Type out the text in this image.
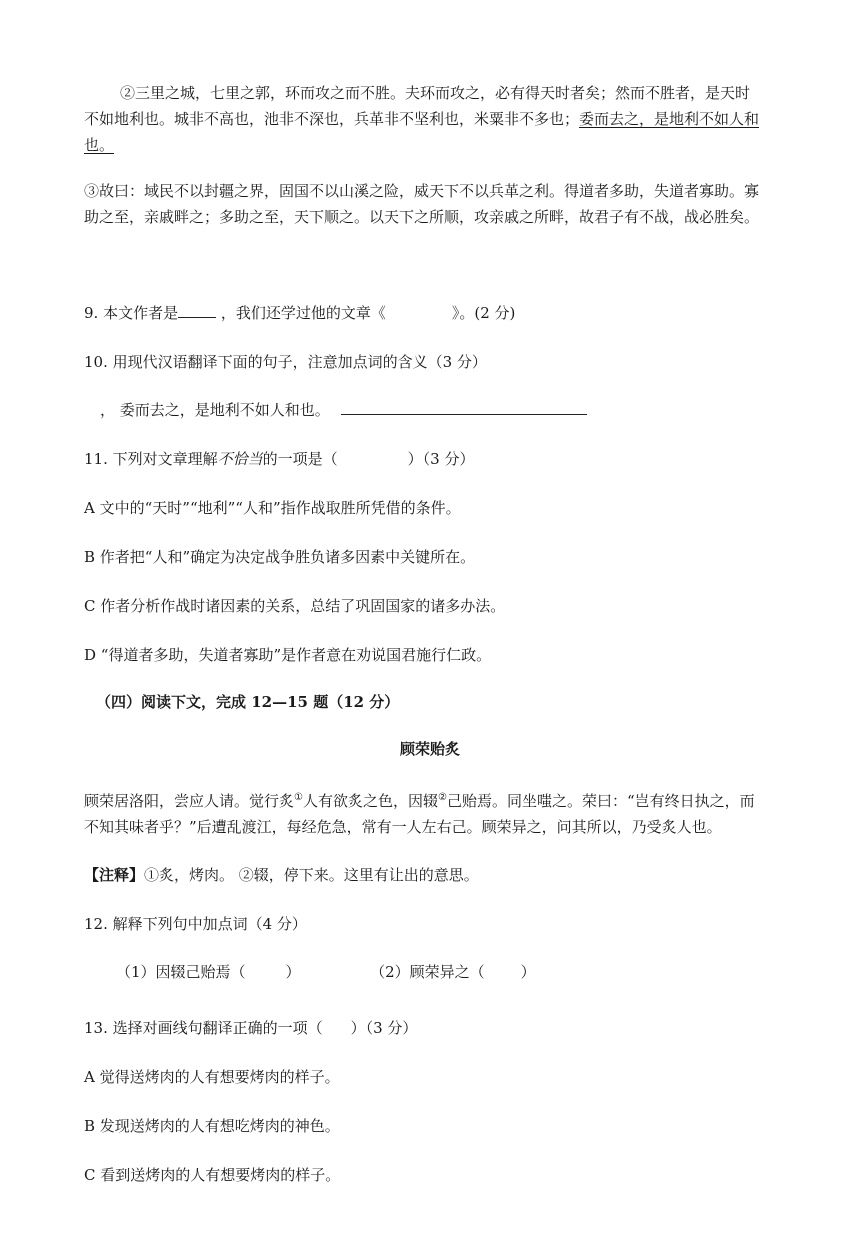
②三里之城，七里之郭，环而攻之而不胜。夫环而攻之，必有得天时者矣；然而不胜者，是天时不如地利也。城非不高也，池非不深也，兵革非不坚利也，米粟非不多也；委而去之，是地利不如人和也。
③故曰：域民不以封疆之界，固国不以山溪之险，威天下不以兵革之利。得道者多助，失道者寡助。寡助之至，亲戚畔之；多助之至，天下顺之。以天下之所顺，攻亲戚之所畔，故君子有不战，战必胜矣。
9. 本文作者是	，我们还学过他的文章《	》。(2 分)
10. 用现代汉语翻译下面的句子，注意加点词的含义（3 分）
， 委而去之，是地利不如人和也。
11. 下列对文章理解不恰当的一项是（	）（3 分）
A 文中的“天时”“地利”“人和”指作战取胜所凭借的条件。
B 作者把“人和”确定为决定战争胜负诸多因素中关键所在。
C 作者分析作战时诸因素的关系，总结了巩固国家的诸多办法。
D “得道者多助，失道者寡助”是作者意在劝说国君施行仁政。
（四）阅读下文，完成 12—15 题（12 分）
顾荣贻炙
顾荣居洛阳，尝应人请。觉行炙①人有欲炙之色，因辍②己贻焉。同坐嗤之。荣曰：“岂有终日执之，而不知其味者乎？”后遭乱渡江，每经危急，常有一人左右己。顾荣异之，问其所以，乃受炙人也。
【注释】①炙，烤肉。 ②辍，停下来。这里有让出的意思。
12. 解释下列句中加点词（4 分）
（1）因辍己贻焉（	）	（2）顾荣异之（ ）
13. 选择对画线句翻译正确的一项（ ）（3 分）
A 觉得送烤肉的人有想要烤肉的样子。
B 发现送烤肉的人有想吃烤肉的神色。
C 看到送烤肉的人有想要烤肉的样子。
